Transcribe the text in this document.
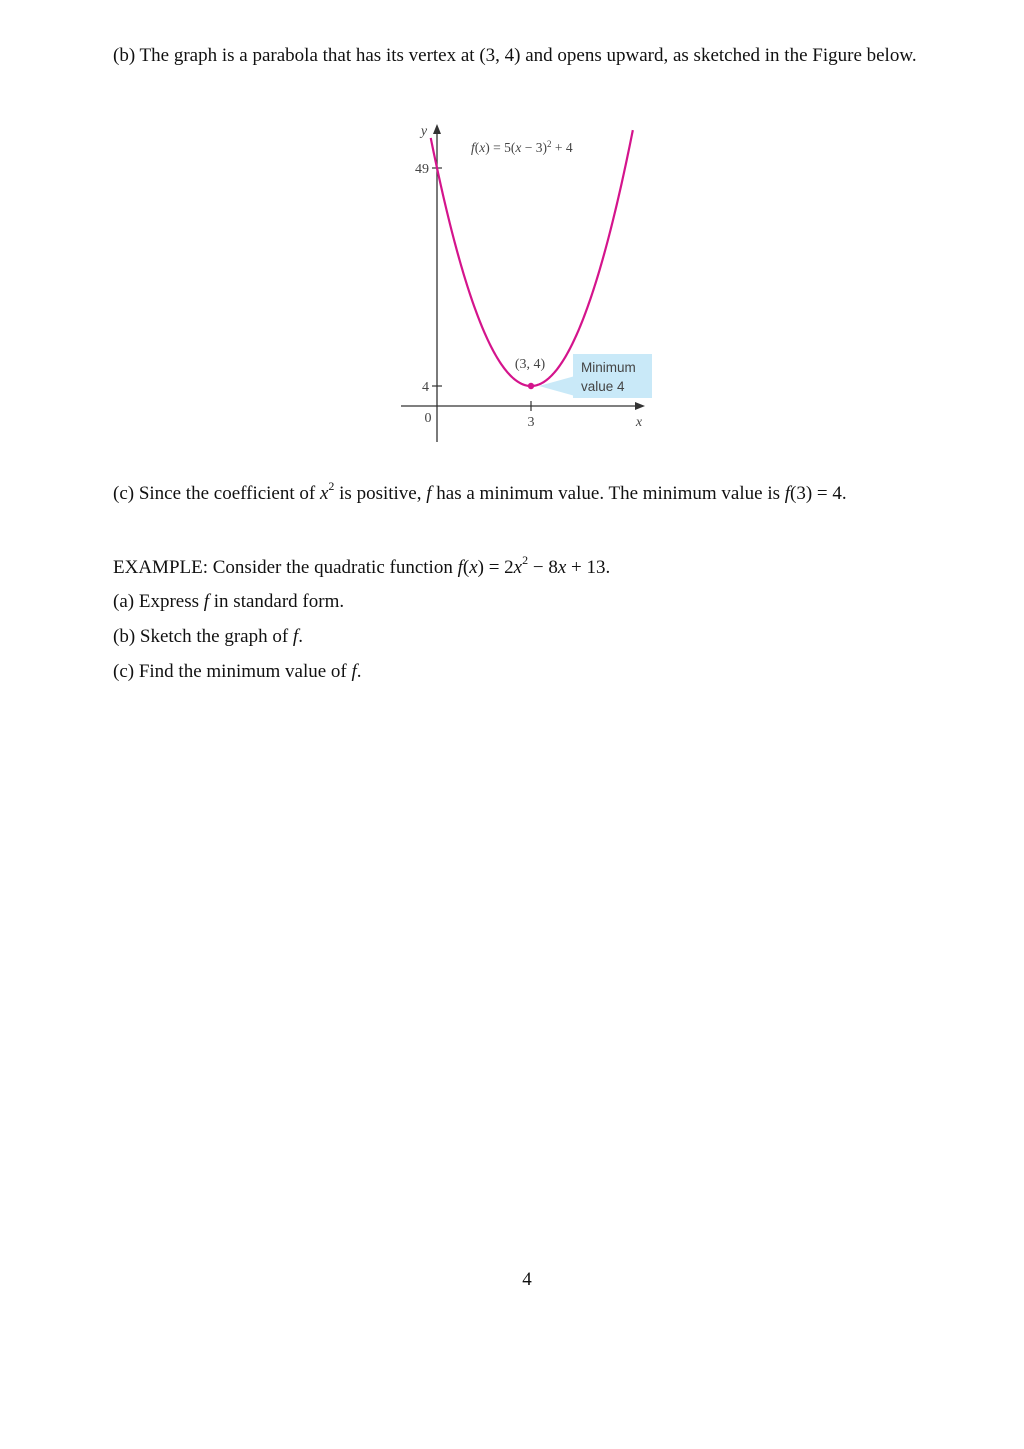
(b) The graph is a parabola that has its vertex at (3, 4) and opens upward, as sketched in the Figure below.
y
x
0
49
4
3
$f(x) = 5(x - 3)^2 + 4$
Minimum
value 4
(3, 4)
(c) Since the coefficient of $x^2$ is positive, f has a minimum value. The minimum value is f(3) = 4.
EXAMPLE: Consider the quadratic function $f(x) = 2x^2 - 8x + 13$.
(a) Express f in standard form.
(b) Sketch the graph of f.
(c) Find the minimum value of f.
4
